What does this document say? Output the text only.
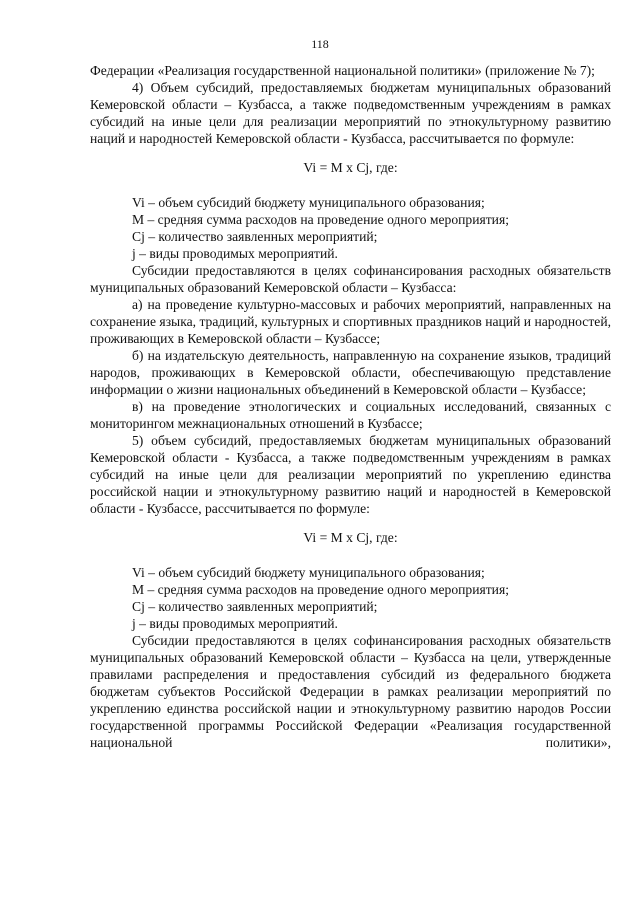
118

Федерации «Реализация государственной национальной политики» (приложение № 7);

4) Объем субсидий, предоставляемых бюджетам муниципальных образований Кемеровской области – Кузбасса, а также подведомственным учреждениям в рамках субсидий на иные цели для реализации мероприятий по этнокультурному развитию наций и народностей Кемеровской области - Кузбасса, рассчитывается по формуле:

Vi = M x Cj, где:

Vi – объем субсидий бюджету муниципального образования;

M – средняя сумма расходов на проведение одного мероприятия;

Cj – количество заявленных мероприятий;

j – виды проводимых мероприятий.

Субсидии предоставляются в целях софинансирования расходных обязательств муниципальных образований Кемеровской области – Кузбасса:

а) на проведение культурно-массовых и рабочих мероприятий, направленных на сохранение языка, традиций, культурных и спортивных праздников наций и народностей, проживающих в Кемеровской области – Кузбассе;

б) на издательскую деятельность, направленную на сохранение языков, традиций народов, проживающих в Кемеровской области, обеспечивающую представление информации о жизни национальных объединений в Кемеровской области – Кузбассе;

в) на проведение этнологических и социальных исследований, связанных с мониторингом межнациональных отношений в Кузбассе;

5) объем субсидий, предоставляемых бюджетам муниципальных образований Кемеровской области - Кузбасса, а также подведомственным учреждениям в рамках субсидий на иные цели для реализации мероприятий по укреплению единства российской нации и этнокультурному развитию наций и народностей в Кемеровской области - Кузбассе, рассчитывается по формуле:

Vi = M x Cj, где:

Vi – объем субсидий бюджету муниципального образования;

M – средняя сумма расходов на проведение одного мероприятия;

Cj – количество заявленных мероприятий;

j – виды проводимых мероприятий.

Субсидии предоставляются в целях софинансирования расходных обязательств муниципальных образований Кемеровской области – Кузбасса на цели, утвержденные правилами распределения и предоставления субсидий из федерального бюджета бюджетам субъектов Российской Федерации в рамках реализации мероприятий по укреплению единства российской нации и этнокультурному развитию народов России государственной программы Российской Федерации «Реализация государственной национальной политики»,
